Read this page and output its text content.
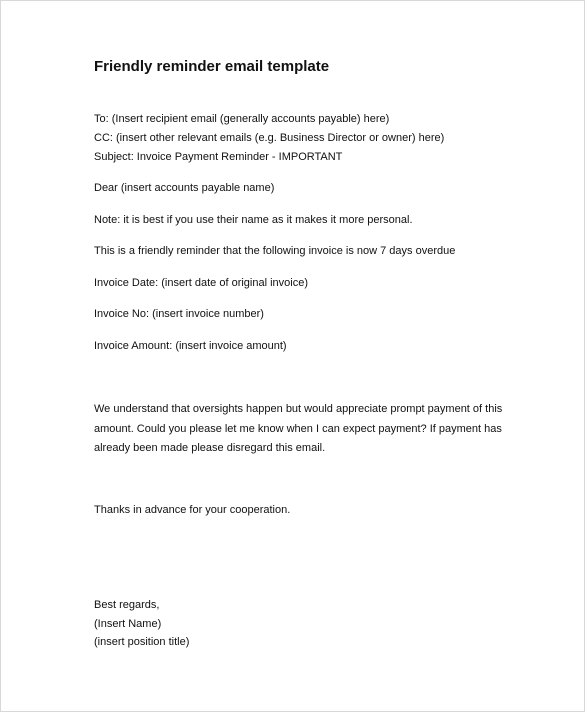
Friendly reminder email template
To: (Insert recipient email (generally accounts payable) here)
CC: (insert other relevant emails (e.g. Business Director or owner) here)
Subject: Invoice Payment Reminder - IMPORTANT
Dear (insert accounts payable name)
Note: it is best if you use their name as it makes it more personal.
This is a friendly reminder that the following invoice is now 7 days overdue
Invoice Date: (insert date of original invoice)
Invoice No: (insert invoice number)
Invoice Amount: (insert invoice amount)
We understand that oversights happen but would appreciate prompt payment of this amount. Could you please let me know when I can expect payment? If payment has already been made please disregard this email.
Thanks in advance for your cooperation.
Best regards,
(Insert Name)
(insert position title)
